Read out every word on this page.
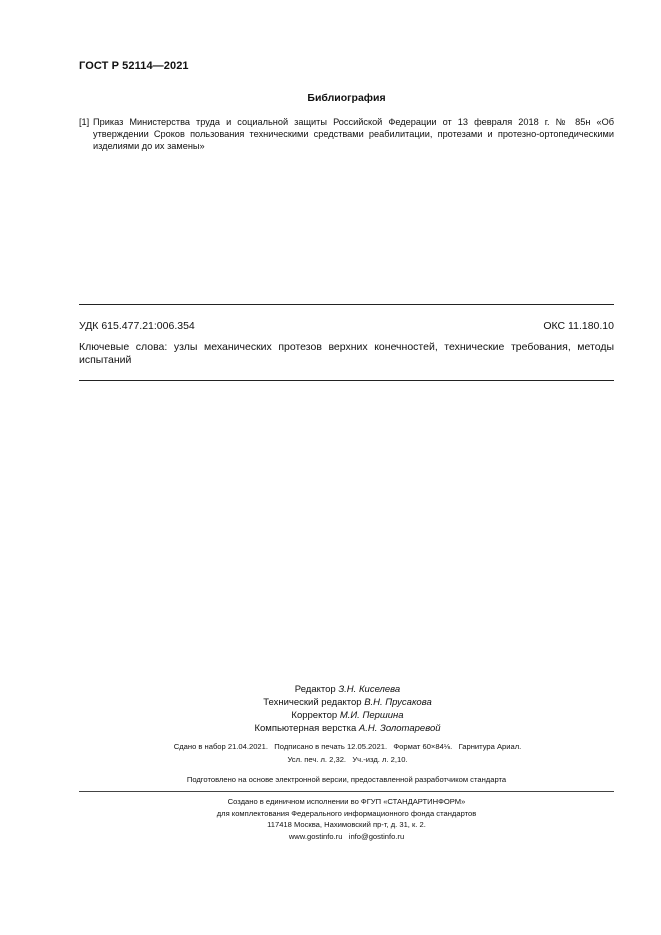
ГОСТ Р 52114—2021
Библиография
[1] Приказ Министерства труда и социальной защиты Российской Федерации от 13 февраля 2018 г. № 85н «Об утверждении Сроков пользования техническими средствами реабилитации, протезами и протезно-ортопедическими изделиями до их замены»
УДК 615.477.21:006.354	ОКС 11.180.10
Ключевые слова: узлы механических протезов верхних конечностей, технические требования, методы испытаний
Редактор З.Н. Киселева
Технический редактор В.Н. Прусакова
Корректор М.И. Першина
Компьютерная верстка А.Н. Золотаревой
Сдано в набор 21.04.2021.   Подписано в печать 12.05.2021.   Формат 60×84⅛.   Гарнитура Ариал.
Усл. печ. л. 2,32.   Уч.-изд. л. 2,10.
Подготовлено на основе электронной версии, предоставленной разработчиком стандарта
Создано в единичном исполнении во ФГУП «СТАНДАРТИНФОРМ»
для комплектования Федерального информационного фонда стандартов
117418 Москва, Нахимовский пр-т, д. 31, к. 2.
www.gostinfo.ru   info@gostinfo.ru
